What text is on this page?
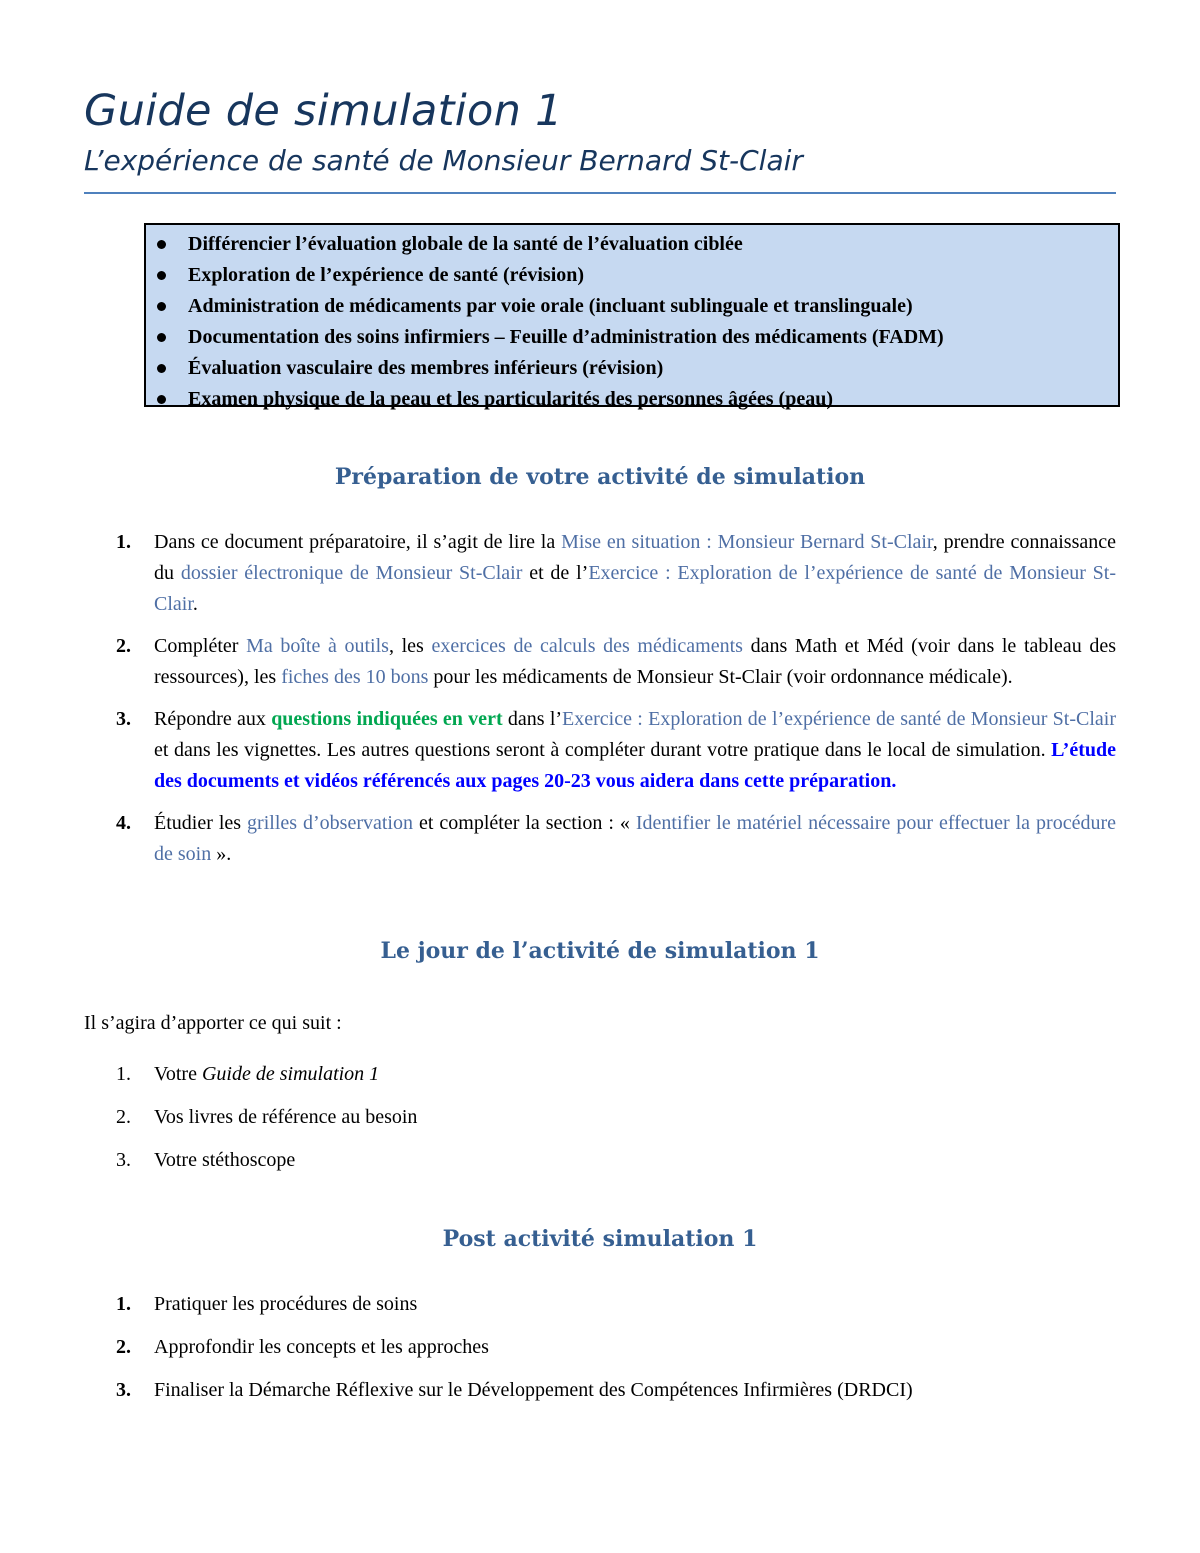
Guide de simulation 1
L’expérience de santé de Monsieur Bernard St-Clair
Différencier l’évaluation globale de la santé de l’évaluation ciblée
Exploration de l’expérience de santé (révision)
Administration de médicaments par voie orale (incluant sublinguale et translinguale)
Documentation des soins infirmiers – Feuille d’administration des médicaments (FADM)
Évaluation vasculaire des membres inférieurs (révision)
Examen physique de la peau et les particularités des personnes âgées (peau)
Préparation de votre activité de simulation
1. Dans ce document préparatoire, il s’agit de lire la Mise en situation : Monsieur Bernard St-Clair, prendre connaissance du dossier électronique de Monsieur St-Clair et de l’Exercice : Exploration de l’expérience de santé de Monsieur St-Clair.
2. Compléter Ma boîte à outils, les exercices de calculs des médicaments dans Math et Méd (voir dans le tableau des ressources), les fiches des 10 bons pour les médicaments de Monsieur St-Clair (voir ordonnance médicale).
3. Répondre aux questions indiquées en vert dans l’Exercice : Exploration de l’expérience de santé de Monsieur St-Clair et dans les vignettes. Les autres questions seront à compléter durant votre pratique dans le local de simulation. L’étude des documents et vidéos référencés aux pages 20-23 vous aidera dans cette préparation.
4. Étudier les grilles d’observation et compléter la section : « Identifier le matériel nécessaire pour effectuer la procédure de soin ».
Le jour de l’activité de simulation 1

Il s’agira d’apporter ce qui suit :

1. Votre Guide de simulation 1
2. Vos livres de référence au besoin
3. Votre stéthoscope
Post activité simulation 1
1. Pratiquer les procédures de soins
2. Approfondir les concepts et les approches
3. Finaliser la Démarche Réflexive sur le Développement des Compétences Infirmières (DRDCI)
